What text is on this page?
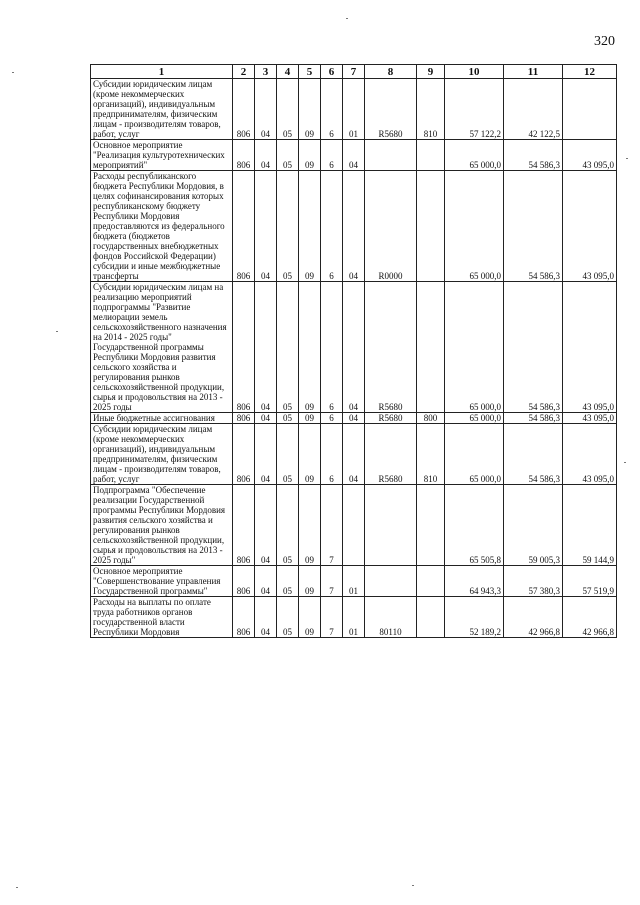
320
1	2	3	4	5	6	7	8	9	10	11	12
Субсидии юридическим лицам (кроме некоммерческих организаций), индивидуальным предпринимателям, физическим лицам - производителям товаров, работ, услуг	806	04	05	09	6	01	R5680	810	57 122,2	42 122,5	
Основное мероприятие "Реализация культуротехнических мероприятий"	806	04	05	09	6	04			65 000,0	54 586,3	43 095,0
Расходы республиканского бюджета Республики Мордовия, в целях софинансирования которых республиканскому бюджету Республики Мордовия предоставляются из федерального бюджета (бюджетов государственных внебюджетных фондов Российской Федерации) субсидии и иные межбюджетные трансферты	806	04	05	09	6	04	R0000		65 000,0	54 586,3	43 095,0
Субсидии юридическим лицам на реализацию мероприятий подпрограммы "Развитие мелиорации земель сельскохозяйственного назначения на 2014 - 2025 годы" Государственной программы Республики Мордовия развития сельского хозяйства и регулирования рынков сельскохозяйственной продукции, сырья и продовольствия на 2013 - 2025 годы	806	04	05	09	6	04	R5680		65 000,0	54 586,3	43 095,0
Иные бюджетные ассигнования	806	04	05	09	6	04	R5680	800	65 000,0	54 586,3	43 095,0
Субсидии юридическим лицам (кроме некоммерческих организаций), индивидуальным предпринимателям, физическим лицам - производителям товаров, работ, услуг	806	04	05	09	6	04	R5680	810	65 000,0	54 586,3	43 095,0
Подпрограмма "Обеспечение реализации Государственной программы Республики Мордовия развития сельского хозяйства и регулирования рынков сельскохозяйственной продукции, сырья и продовольствия на 2013 - 2025 годы"	806	04	05	09	7				65 505,8	59 005,3	59 144,9
Основное мероприятие "Совершенствование управления Государственной программы"	806	04	05	09	7	01			64 943,3	57 380,3	57 519,9
Расходы на выплаты по оплате труда работников органов государственной власти Республики Мордовия	806	04	05	09	7	01	80110		52 189,2	42 966,8	42 966,8
